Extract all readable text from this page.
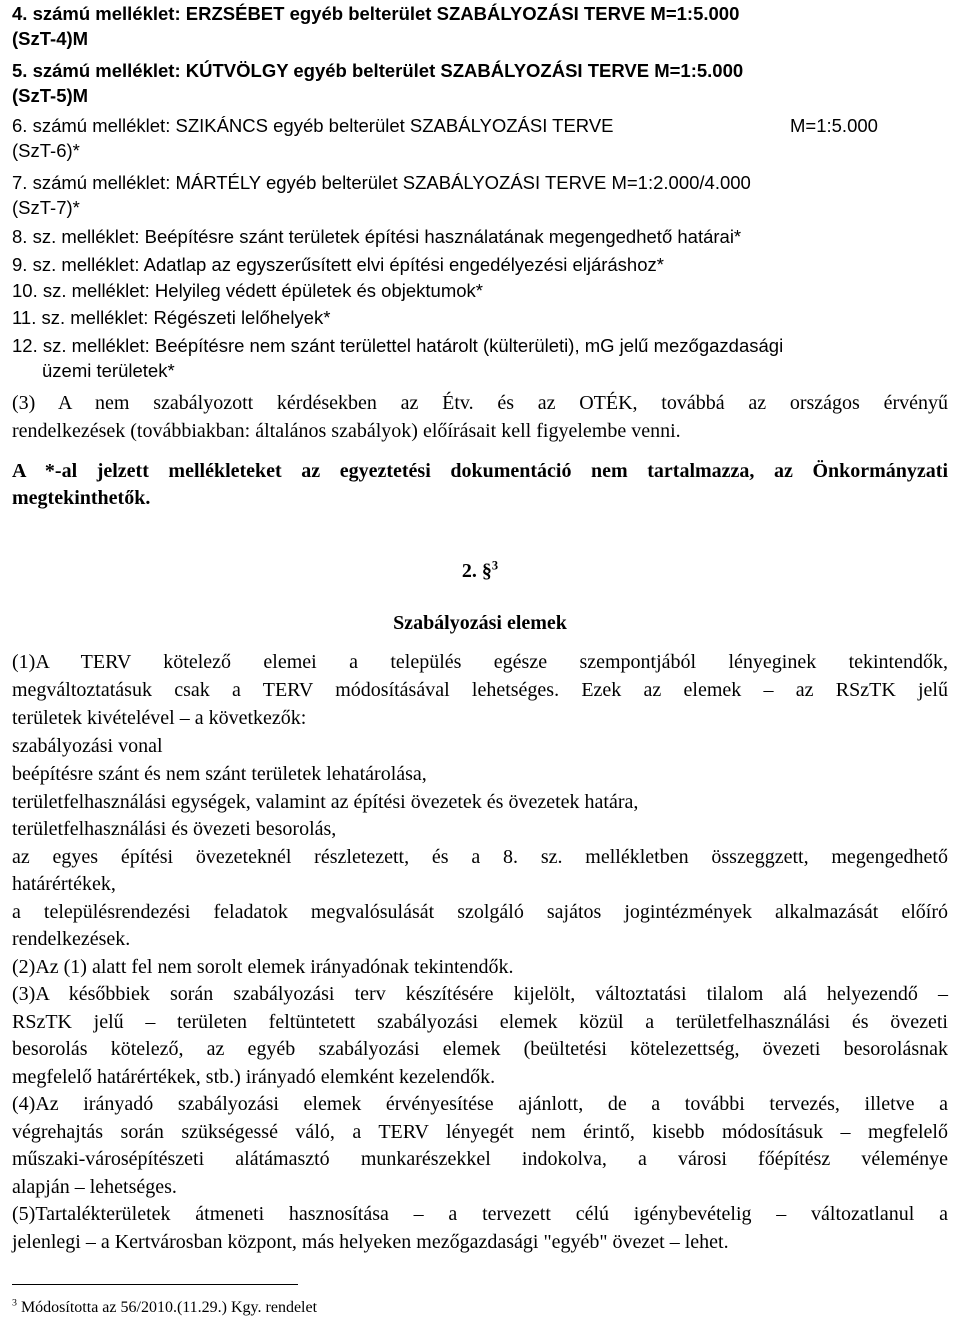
4. számú melléklet: ERZSÉBET egyéb belterület SZABÁLYOZÁSI TERVE M=1:5.000
(SzT-4)M
5. számú melléklet: KÚTVÖLGY egyéb belterület SZABÁLYOZÁSI TERVE M=1:5.000
(SzT-5)M
6. számú melléklet: SZIKÁNCS egyéb belterület SZABÁLYOZÁSI TERVE	M=1:5.000
(SzT-6)*
7. számú melléklet: MÁRTÉLY egyéb belterület SZABÁLYOZÁSI TERVE M=1:2.000/4.000
(SzT-7)*
8. sz. melléklet: Beépítésre szánt területek építési használatának megengedhető határai*
9. sz. melléklet: Adatlap az egyszerűsített elvi építési engedélyezési eljáráshoz*
10. sz. melléklet: Helyileg védett épületek és objektumok*
11. sz. melléklet: Régészeti lelőhelyek*
12. sz. melléklet: Beépítésre nem szánt területtel határolt (külterületi), mG jelű mezőgazdasági
üzemi területek*
(3) A nem szabályozott kérdésekben az Étv. és az OTÉK, továbbá az országos érvényű
rendelkezések (továbbiakban: általános szabályok) előírásait kell figyelembe venni.
A *-al jelzett mellékleteket az egyeztetési dokumentáció nem tartalmazza, az Önkormányzati
megtekinthetők.
2. §$^3$
Szabályozási elemek
(1)A TERV kötelező elemei a település egésze szempontjából lényeginek tekintendők,
megváltoztatásuk csak a TERV módosításával lehetséges. Ezek az elemek – az RSzTK jelű
területek kivételével – a következők:
szabályozási vonal
beépítésre szánt és nem szánt területek lehatárolása,
területfelhasználási egységek, valamint az építési övezetek és övezetek határa,
területfelhasználási és övezeti besorolás,
az egyes építési övezeteknél részletezett, és a 8. sz. mellékletben összeggzett, megengedhető
határértékek,
a településrendezési feladatok megvalósulását szolgáló sajátos jogintézmények alkalmazását előíró
rendelkezések.
(2)Az (1) alatt fel nem sorolt elemek irányadónak tekintendők.
(3)A későbbiek során szabályozási terv készítésére kijelölt, változtatási tilalom alá helyezendő –
RSzTK jelű – területen feltüntetett szabályozási elemek közül a területfelhasználási és övezeti
besorolás kötelező, az egyéb szabályozási elemek (beültetési kötelezettség, övezeti besorolásnak
megfelelő határértékek, stb.) irányadó elemként kezelendők.
(4)Az irányadó szabályozási elemek érvényesítése ajánlott, de a további tervezés, illetve a
végrehajtás során szükségessé váló, a TERV lényegét nem érintő, kisebb módosításuk – megfelelő
műszaki-városépítészeti alátámasztó munkarészekkel indokolva, a városi főépítész véleménye
alapján – lehetséges.
(5)Tartalékterületek átmeneti hasznosítása – a tervezett célú igénybevételig – változatlanul a
jelenlegi – a Kertvárosban központ, más helyeken mezőgazdasági "egyéb" övezet – lehet.
$^3$ Módosította az 56/2010.(11.29.) Kgy. rendelet
